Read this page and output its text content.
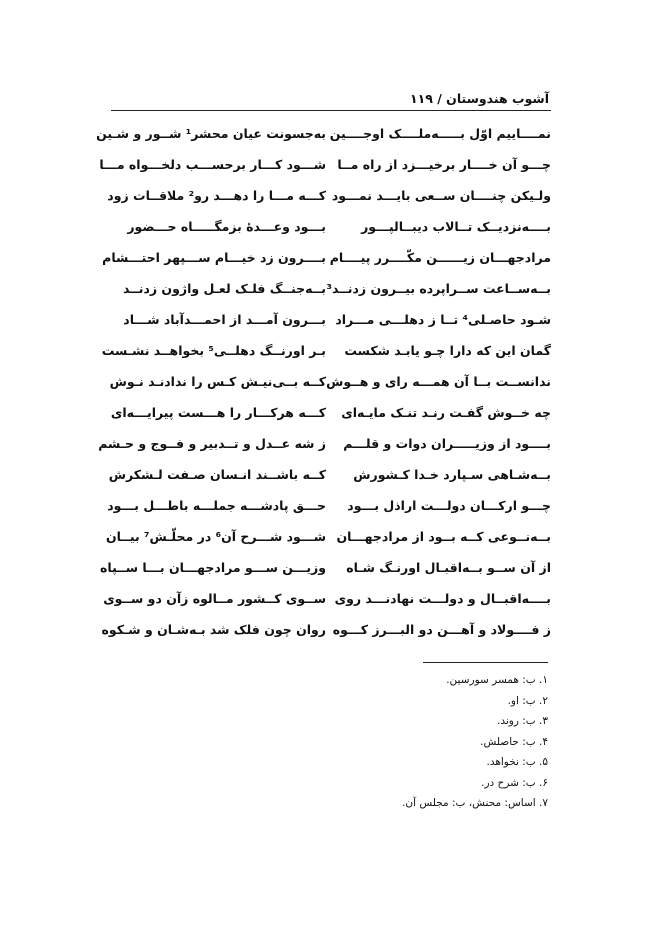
آشوب هندوستان / ۱۱۹
نمــــاییم اوّل بـــــه‌ملــــک اوجــــین
به‌جسونت عیان محشر¹ شــور و شـین
چـــو آن خــــار برخیـــزد از راه مــا
شـــود کـــار برحســـب دلخـــواه مـــا
ولـیکن چنــــان ســعی بایـــد نمـــود
کـــه مـــا را دهـــد رو² ملاقــات زود
بــــه‌نزدیــک تــالاب دیبــالپـــور
بـــود وعـــدهٔ بزمگـــــاه حـــضور
مرادجهـــان زیــــــن مکّــــرر پیــــام
بــــرون زد خیـــام ســـپهر احتـــشام
بــه‌ســاعت ســراپرده بیــرون زدنــد³
بــه‌جنــگ فلـک لعـل واژون زدنــد
شـود حاصـلی⁴ تــا ز دهلـــی مـــراد
بـــرون آمـــد از احمـــدآباد شـــاد
گمان این که دارا چـو یابـد شکست
بـر اورنــگ دهلــی⁵ بخواهــد نشـست
ندانســت بــا آن همـــه رای و هــوش
کــه بــی‌نیـش کـس را ندادنـد نـوش
چه خــوش گفـت رنـد تنـک مایـه‌ای
کـــه هرکـــار را هـــست پیرایـــه‌ای
بــــود از وزیـــــران دوات و قلـــم
ز شه عــدل و تــدبیر و فــوج و حـشم
بــه‌شـاهی سـپارد خـدا کـشورش
کــه باشــند انـسان صـفت لـشکرش
چـــو ارکـــان دولـــت اراذل بـــود
حـــق پادشـــه جملـــه باطـــل بـــود
بــه‌نــوعی کــه بــود از مرادجهـــان
شـــود شـــرح آن⁶ در محلّـش⁷ بیــان
از آن ســو بــه‌اقبـال اورنـگ شـاه
وزیـــن ســـو مرادجهـــان بـــا ســپاه
بــــه‌اقبــال و دولـــت نهادنـــد روی
ســوی کــشور مــالوه زآن دو ســوی
ز فــــولاد و آهـــن دو البـــرز کـــوه
روان چون فلک شد بـه‌شـان و شـکوه
۱. ب: همسر سورسین.
۲. ب: او.
۳. ب: روند.
۴. ب: حاصلش.
۵. ب: نخواهد.
۶. ب: شرح در.
۷. اساس: محنش، ب: مجلس آن.
